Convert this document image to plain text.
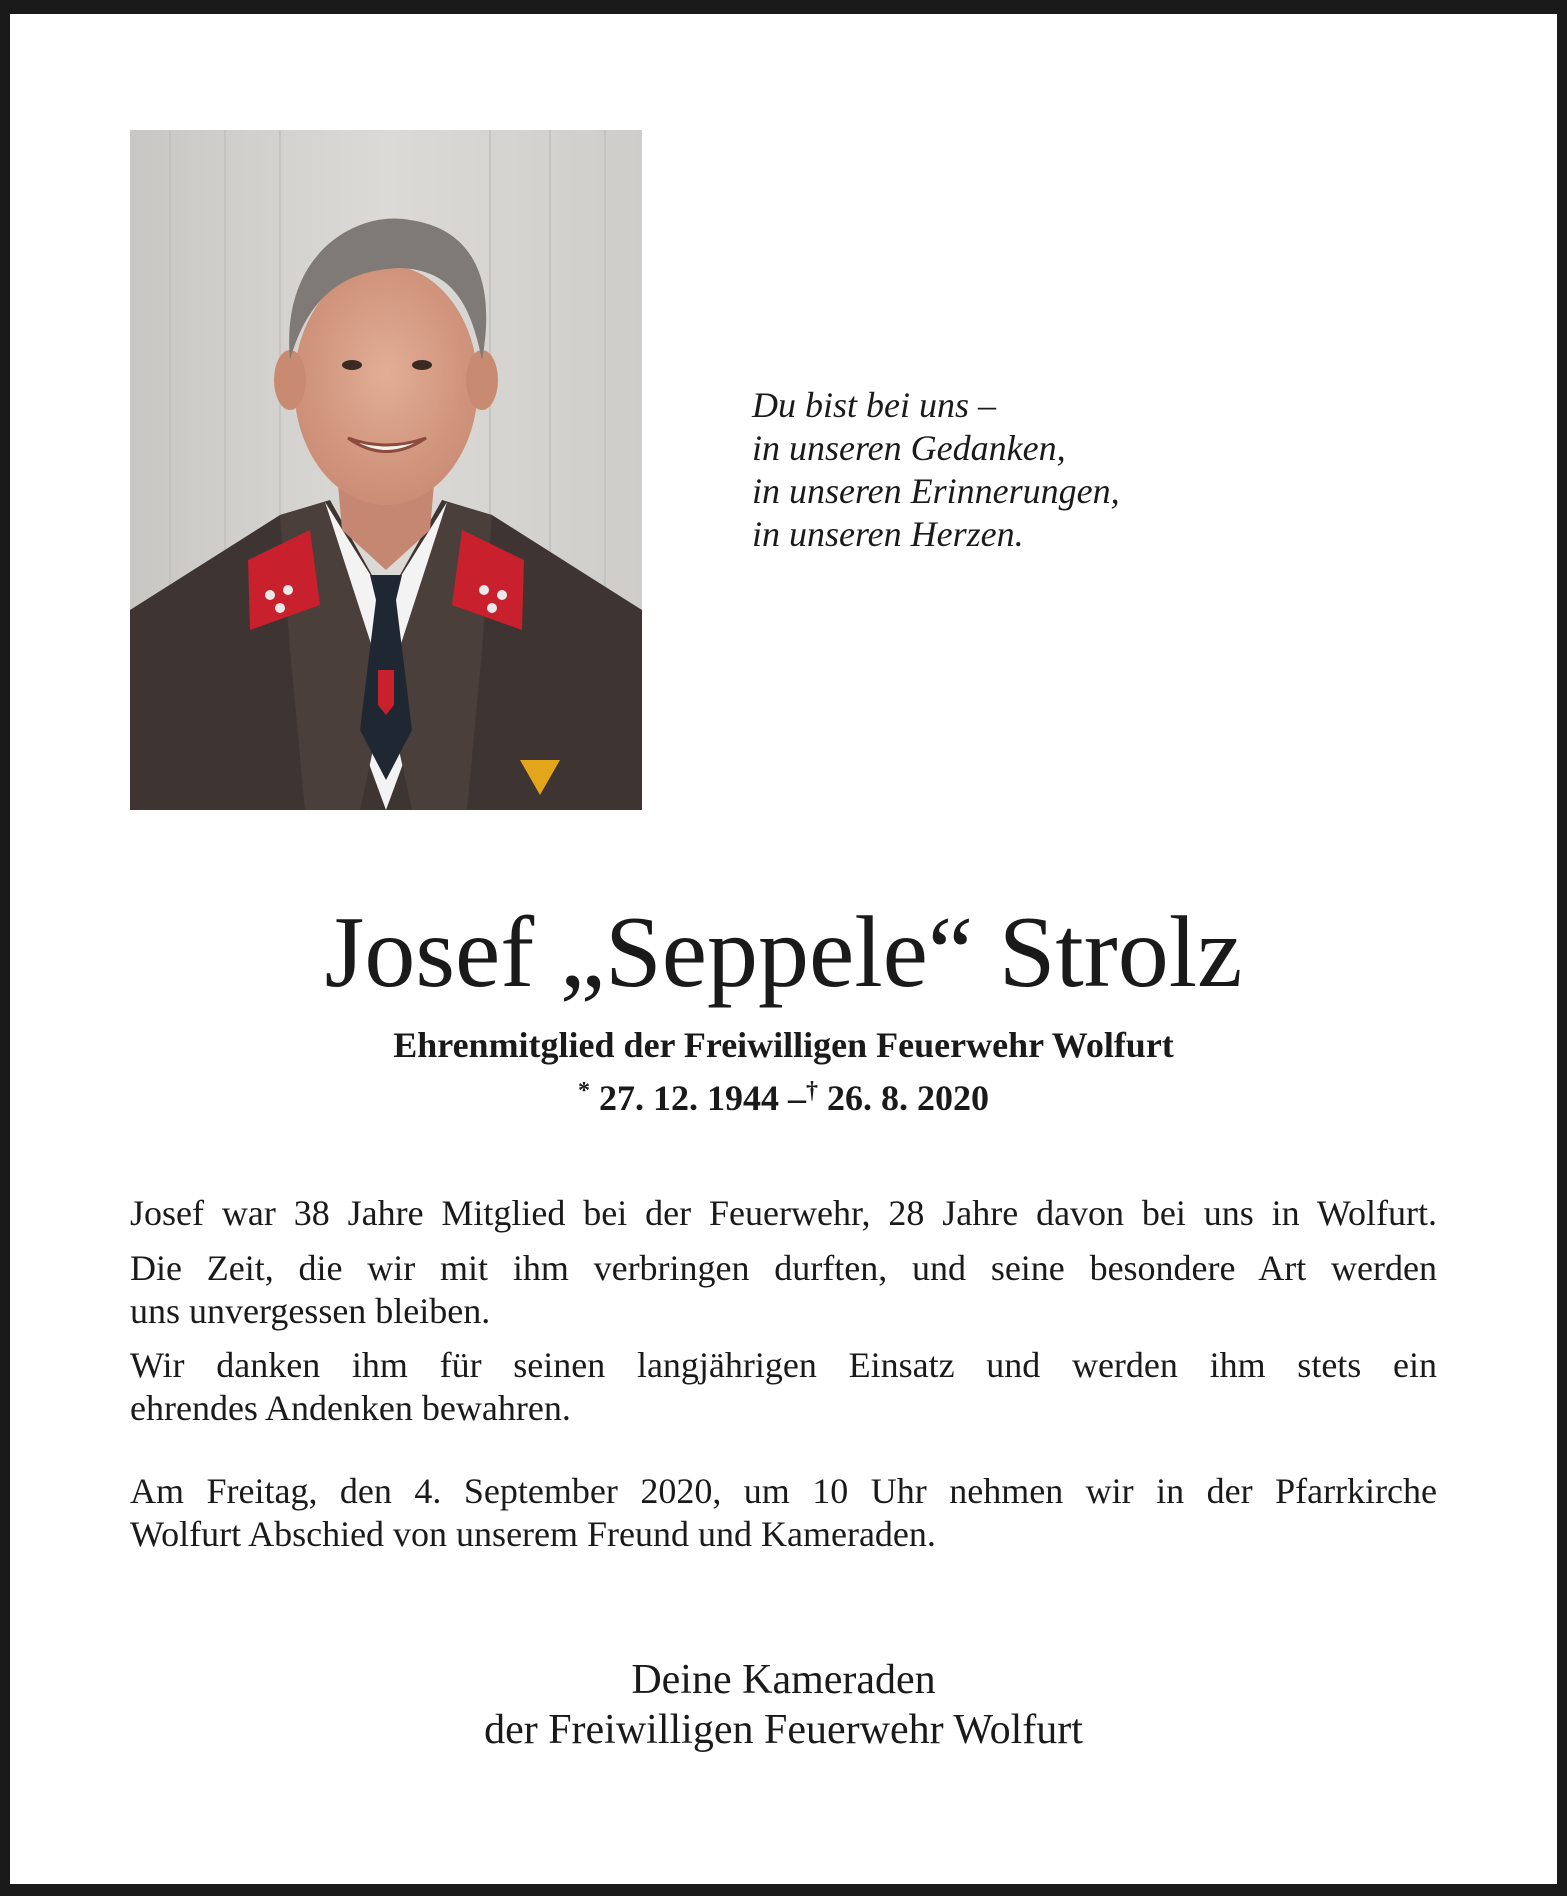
Du bist bei uns –
in unseren Gedanken,
in unseren Erinnerungen,
in unseren Herzen.
Josef „Seppele“ Strolz
Ehrenmitglied der Freiwilligen Feuerwehr Wolfurt
* 27. 12. 1944 –† 26. 8. 2020
Josef war 38 Jahre Mitglied bei der Feuerwehr, 28 Jahre davon bei uns in Wolfurt.
Die Zeit, die wir mit ihm verbringen durften, und seine besondere Art werden
uns unvergessen bleiben.
Wir danken ihm für seinen langjährigen Einsatz und werden ihm stets ein
ehrendes Andenken bewahren.
Am Freitag, den 4. September 2020, um 10 Uhr nehmen wir in der Pfarrkirche
Wolfurt Abschied von unserem Freund und Kameraden.
Deine Kameraden
der Freiwilligen Feuerwehr Wolfurt
